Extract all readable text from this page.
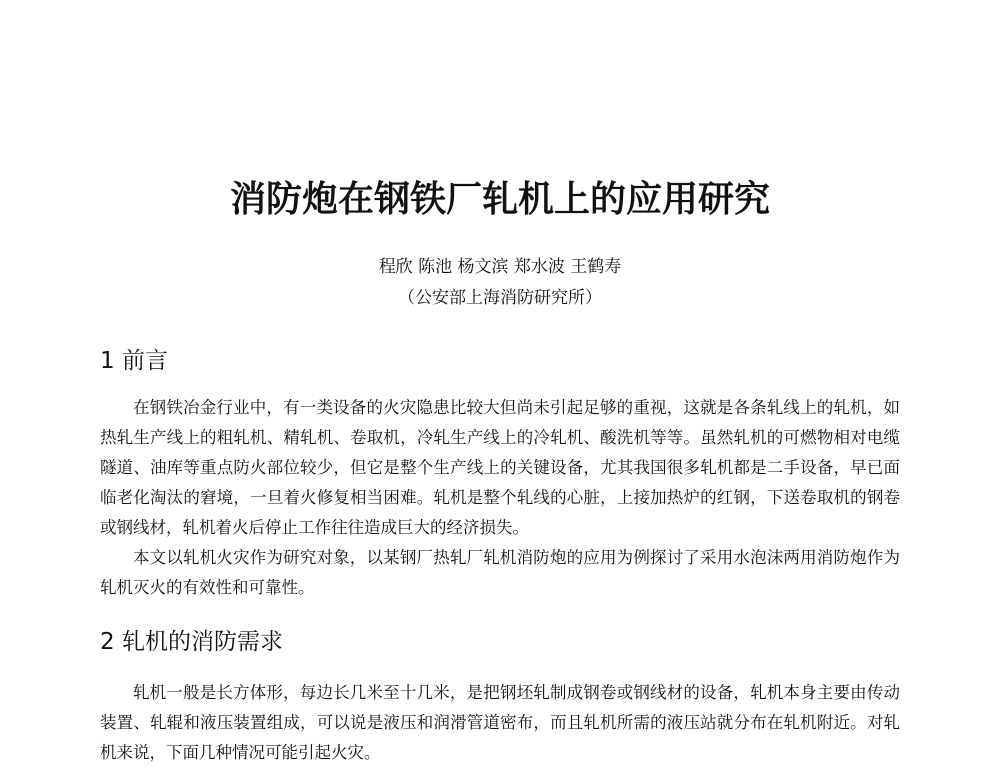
消防炮在钢铁厂轧机上的应用研究
程欣 陈池 杨文滨 郑水波 王鹤寿
（公安部上海消防研究所）
1 前言
在钢铁冶金行业中，有一类设备的火灾隐患比较大但尚未引起足够的重视，这就是各条轧线上的轧机，如热轧生产线上的粗轧机、精轧机、卷取机，冷轧生产线上的冷轧机、酸洗机等等。虽然轧机的可燃物相对电缆隧道、油库等重点防火部位较少，但它是整个生产线上的关键设备，尤其我国很多轧机都是二手设备，早已面临老化淘汰的窘境，一旦着火修复相当困难。轧机是整个轧线的心脏，上接加热炉的红钢，下送卷取机的钢卷或钢线材，轧机着火后停止工作往往造成巨大的经济损失。
本文以轧机火灾作为研究对象，以某钢厂热轧厂轧机消防炮的应用为例探讨了采用水泡沫两用消防炮作为轧机灭火的有效性和可靠性。
2 轧机的消防需求
轧机一般是长方体形，每边长几米至十几米，是把钢坯轧制成钢卷或钢线材的设备，轧机本身主要由传动装置、轧辊和液压装置组成，可以说是液压和润滑管道密布，而且轧机所需的液压站就分布在轧机附近。对轧机来说，下面几种情况可能引起火灾。
